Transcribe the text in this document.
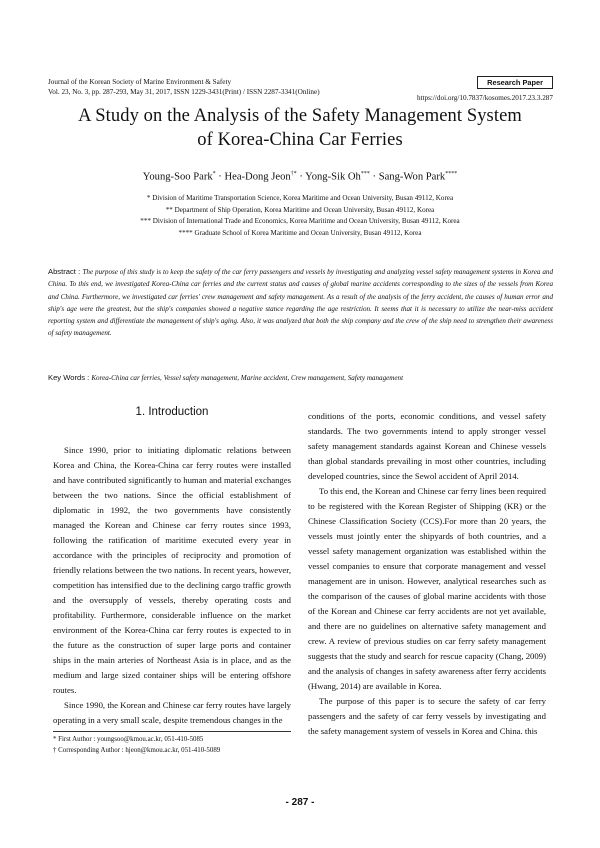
Journal of the Korean Society of Marine Environment & Safety
Vol. 23, No. 3, pp. 287-293, May 31, 2017, ISSN 1229-3431(Print) / ISSN 2287-3341(Online)
Research Paper
https://doi.org/10.7837/kosomes.2017.23.3.287
A Study on the Analysis of the Safety Management System
of Korea-China Car Ferries
Young-Soo Park* · Hea-Dong Jeon†* · Yong-Sik Oh*** · Sang-Won Park****
* Division of Maritime Transportation Science, Korea Maritime and Ocean University, Busan 49112, Korea
** Department of Ship Operation, Korea Maritime and Ocean University, Busan 49112, Korea
*** Division of International Trade and Economics, Korea Maritime and Ocean University, Busan 49112, Korea
**** Graduate School of Korea Maritime and Ocean University, Busan 49112, Korea
Abstract : The purpose of this study is to keep the safety of the car ferry passengers and vessels by investigating and analyzing vessel safety management systems in Korea and China. To this end, we investigated Korea-China car ferries and the current status and causes of global marine accidents corresponding to the sizes of the vessels from Korea and China. Furthermore, we investigated car ferries' crew management and safety management. As a result of the analysis of the ferry accident, the causes of human error and ship's age were the greatest, but the ship's companies showed a negative stance regarding the age restriction. It seems that it is necessary to utilize the near-miss accident reporting system and differentiate the management of ship's aging. Also, it was analyzed that both the ship company and the crew of the ship need to strengthen their awareness of safety management.
Key Words : Korea-China car ferries, Vessel safety management, Marine accident, Crew management, Safety management
1. Introduction

Since 1990, prior to initiating diplomatic relations between Korea and China, the Korea-China car ferry routes were installed and have contributed significantly to human and material exchanges between the two nations. Since the official establishment of diplomatic in 1992, the two governments have consistently managed the Korean and Chinese car ferry routes since 1993, following the ratification of maritime executed every year in accordance with the principles of reciprocity and promotion of friendly relations between the two nations. In recent years, however, competition has intensified due to the declining cargo traffic growth and the oversupply of vessels, thereby operating costs and profitability. Furthermore, considerable influence on the market environment of the Korea-China car ferry routes is expected to in the future as the construction of super large ports and container ships in the main arteries of Northeast Asia is in place, and as the medium and large sized container ships will be entering offshore routes.

Since 1990, the Korean and Chinese car ferry routes have largely operating in a very small scale, despite tremendous changes in the

conditions of the ports, economic conditions, and vessel safety standards. The two governments intend to apply stronger vessel safety management standards against Korean and Chinese vessels than global standards prevailing in most other countries, including developed countries, since the Sewol accident of April 2014.

To this end, the Korean and Chinese car ferry lines been required to be registered with the Korean Register of Shipping (KR) or the Chinese Classification Society (CCS).For more than 20 years, the vessels must jointly enter the shipyards of both countries, and a vessel safety management organization was established within the vessel companies to ensure that corporate management and vessel management are in unison. However, analytical researches such as the comparison of the causes of global marine accidents with those of the Korean and Chinese car ferry accidents are not yet available, and there are no guidelines on alternative safety management and crew. A review of previous studies on car ferry safety management suggests that the study and search for rescue capacity (Chang, 2009) and the analysis of changes in safety awareness after ferry accidents (Hwang, 2014) are available in Korea.

The purpose of this paper is to secure the safety of car ferry passengers and the safety of car ferry vessels by investigating and the safety management system of vessels in Korea and China. this

* First Author : youngsoo@kmou.ac.kr, 051-410-5085
† Corresponding Author : hjeon@kmou.ac.kr, 051-410-5089
- 287 -
